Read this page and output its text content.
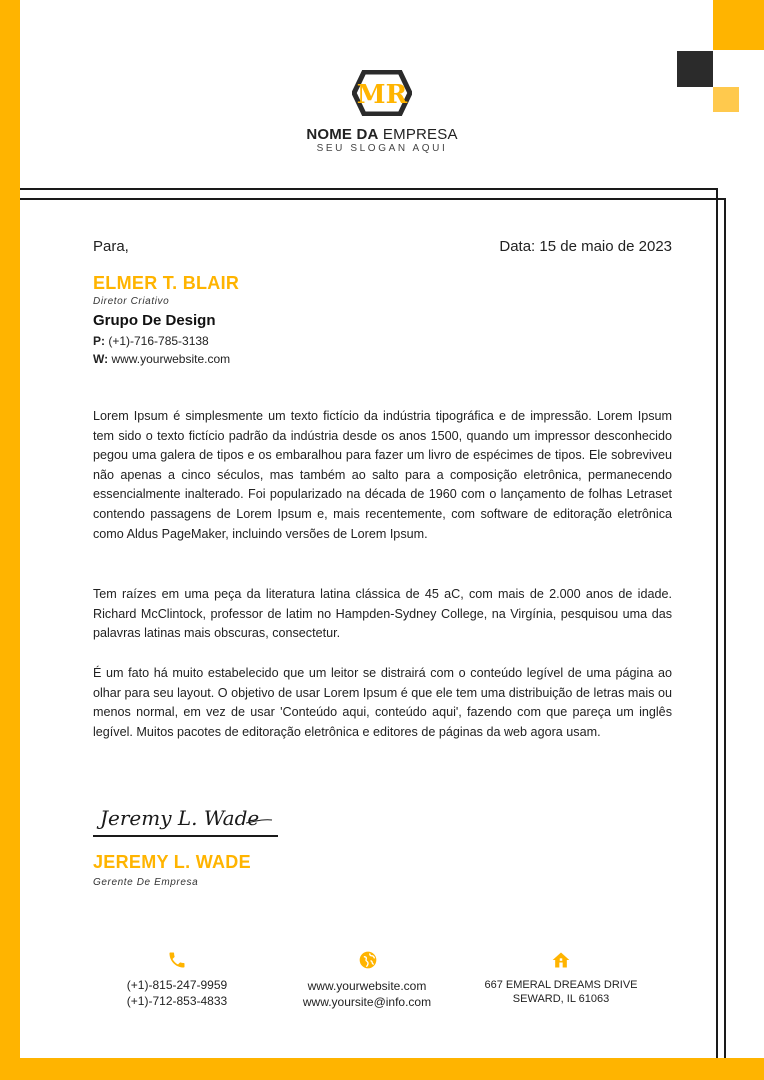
MR
NOME DA EMPRESA
SEU SLOGAN AQUI
Para,	Data: 15 de maio de 2023
ELMER T. BLAIR
Diretor Criativo
Grupo De Design
P: (+1)-716-785-3138
W: www.yourwebsite.com
Lorem Ipsum é simplesmente um texto fictício da indústria tipográfica e de impressão. Lorem Ipsum tem sido o texto fictício padrão da indústria desde os anos 1500, quando um impressor desconhecido pegou uma galera de tipos e os embaralhou para fazer um livro de espécimes de tipos. Ele sobreviveu não apenas a cinco séculos, mas também ao salto para a composição eletrônica, permanecendo essencialmente inalterado. Foi popularizado na década de 1960 com o lançamento de folhas Letraset contendo passagens de Lorem Ipsum e, mais recentemente, com software de editoração eletrônica como Aldus PageMaker, incluindo versões de Lorem Ipsum.
Tem raízes em uma peça da literatura latina clássica de 45 aC, com mais de 2.000 anos de idade. Richard McClintock, professor de latim no Hampden-Sydney College, na Virgínia, pesquisou uma das palavras latinas mais obscuras, consectetur.
É um fato há muito estabelecido que um leitor se distrairá com o conteúdo legível de uma página ao olhar para seu layout. O objetivo de usar Lorem Ipsum é que ele tem uma distribuição de letras mais ou menos normal, em vez de usar 'Conteúdo aqui, conteúdo aqui', fazendo com que pareça um inglês legível. Muitos pacotes de editoração eletrônica e editores de páginas da web agora usam.
Jeremy L. Wade
JEREMY L. WADE
Gerente De Empresa
(+1)-815-247-9959
(+1)-712-853-4833
www.yourwebsite.com
www.yoursite@info.com
667 EMERAL DREAMS DRIVE
SEWARD, IL 61063
